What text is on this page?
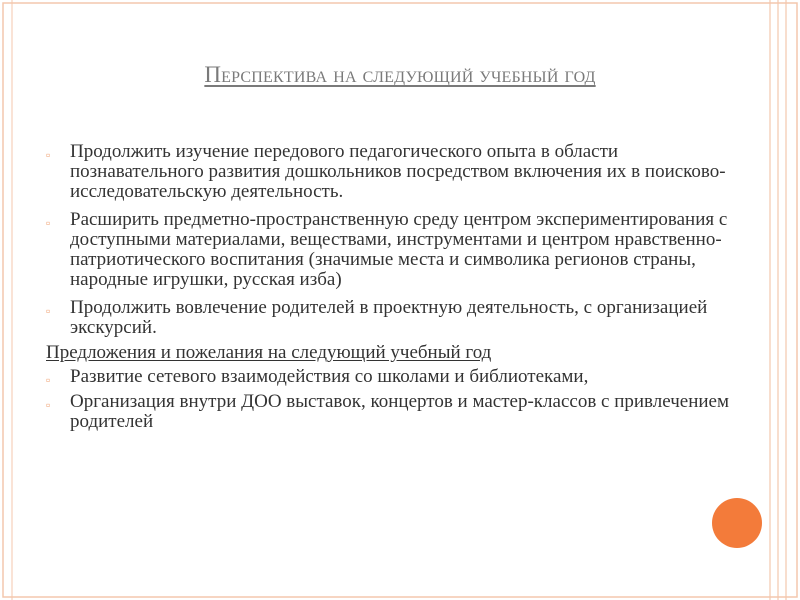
Перспектива на следующий учебный год
▫	Продолжить изучение передового педагогического опыта в области познавательного развития дошкольников посредством включения их в поисково-исследовательскую деятельность.
▫	Расширить предметно-пространственную среду центром экспериментирования с доступными материалами, веществами, инструментами и центром нравственно-патриотического воспитания (значимые места и символика регионов страны, народные игрушки, русская изба)
▫	Продолжить вовлечение родителей в проектную деятельность, с организацией экскурсий.
Предложения и пожелания на следующий учебный год
▫	Развитие сетевого взаимодействия со школами и библиотеками,
▫	Организация внутри ДОО выставок, концертов и мастер-классов с привлечением родителей
